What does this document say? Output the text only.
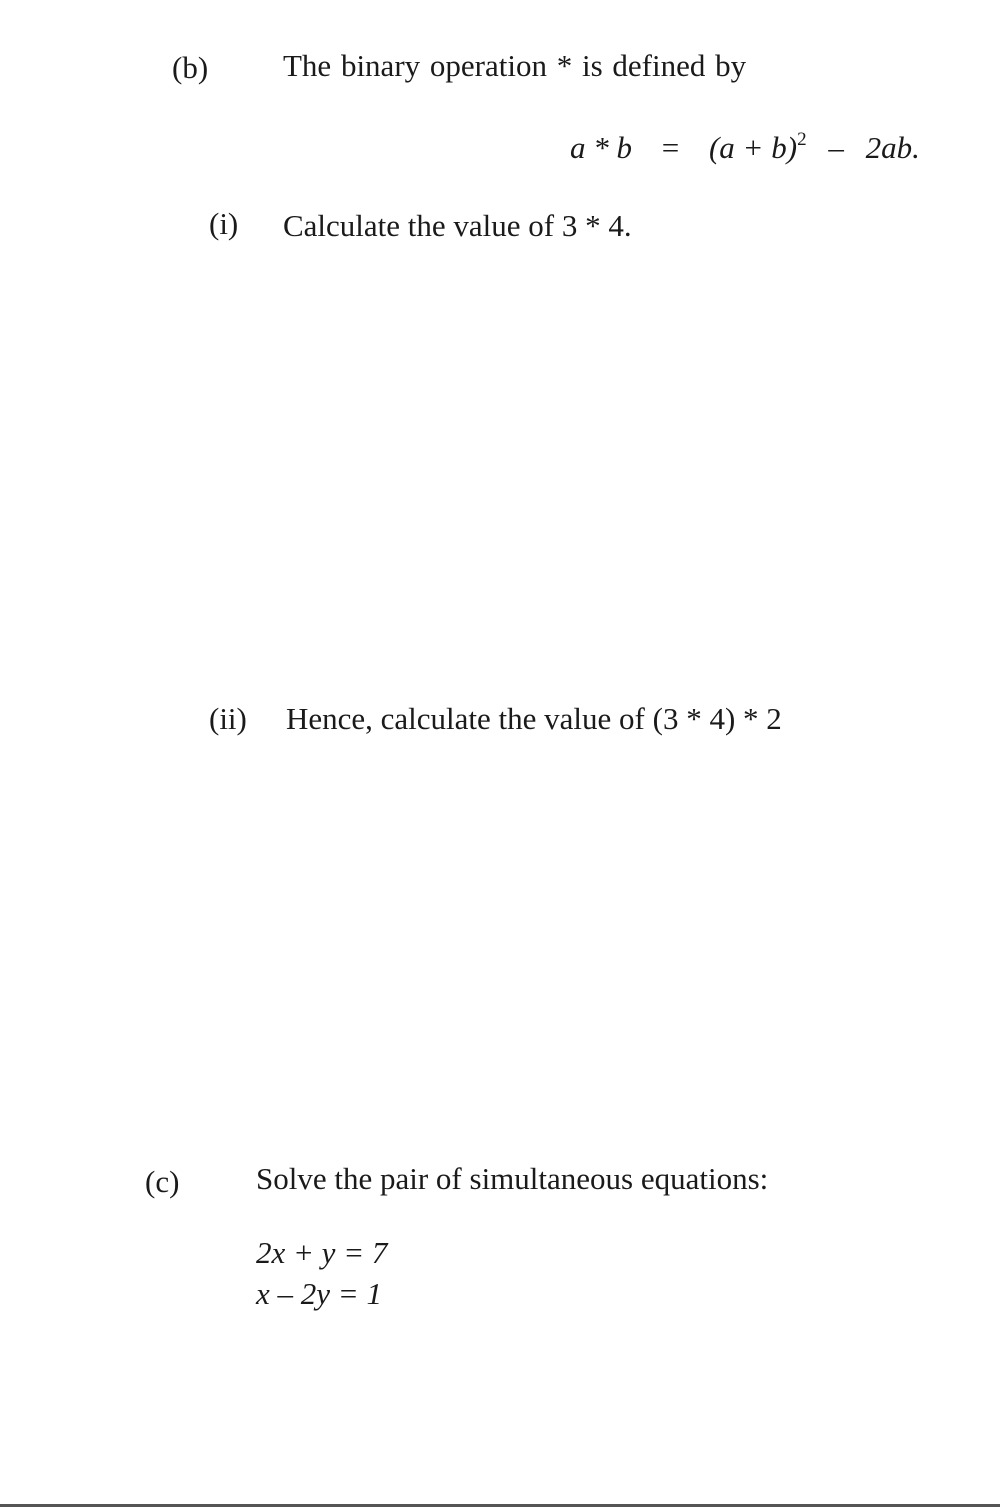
(b) The binary operation * is defined by
$a * b = (a + b)^2 - 2ab$.
(i) Calculate the value of 3 * 4.
(ii) Hence, calculate the value of (3 * 4) * 2
(c) Solve the pair of simultaneous equations:
2x + y = 7
x – 2y = 1
